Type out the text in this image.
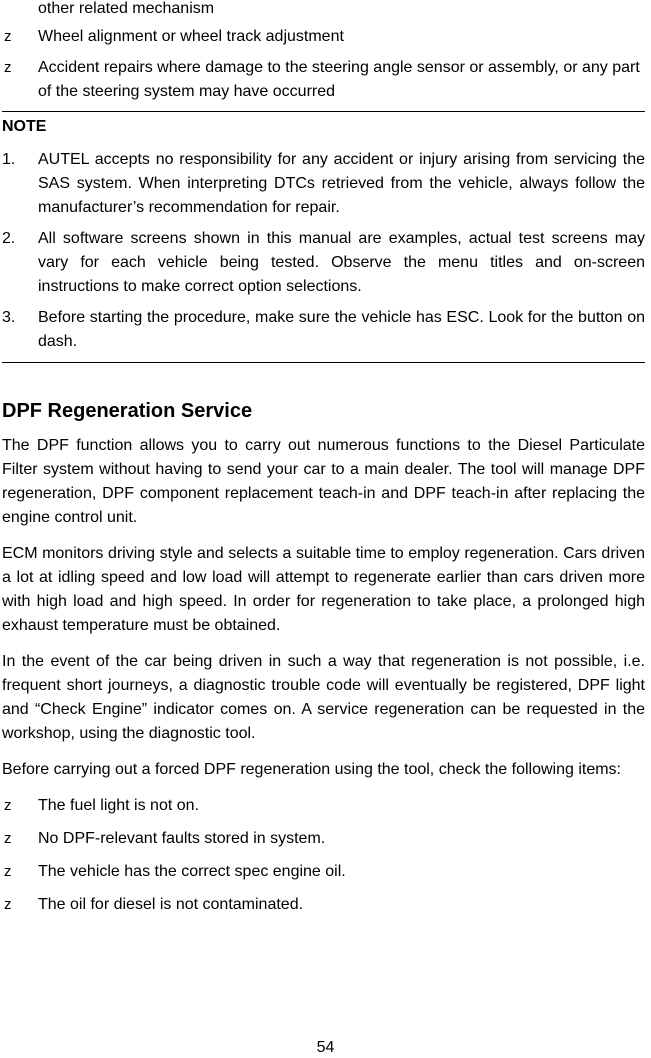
other related mechanism
z	Wheel alignment or wheel track adjustment
z	Accident repairs where damage to the steering angle sensor or assembly, or any part of the steering system may have occurred
NOTE
1. AUTEL accepts no responsibility for any accident or injury arising from servicing the SAS system. When interpreting DTCs retrieved from the vehicle, always follow the manufacturer’s recommendation for repair.
2. All software screens shown in this manual are examples, actual test screens may vary for each vehicle being tested. Observe the menu titles and on-screen instructions to make correct option selections.
3. Before starting the procedure, make sure the vehicle has ESC. Look for the button on dash.
DPF Regeneration Service

The DPF function allows you to carry out numerous functions to the Diesel Particulate Filter system without having to send your car to a main dealer. The tool will manage DPF regeneration, DPF component replacement teach-in and DPF teach-in after replacing the engine control unit.

ECM monitors driving style and selects a suitable time to employ regeneration. Cars driven a lot at idling speed and low load will attempt to regenerate earlier than cars driven more with high load and high speed. In order for regeneration to take place, a prolonged high exhaust temperature must be obtained.

In the event of the car being driven in such a way that regeneration is not possible, i.e. frequent short journeys, a diagnostic trouble code will eventually be registered, DPF light and “Check Engine” indicator comes on. A service regeneration can be requested in the workshop, using the diagnostic tool.

Before carrying out a forced DPF regeneration using the tool, check the following items:

z	The fuel light is not on.
z	No DPF-relevant faults stored in system.
z	The vehicle has the correct spec engine oil.
z	The oil for diesel is not contaminated.
54
